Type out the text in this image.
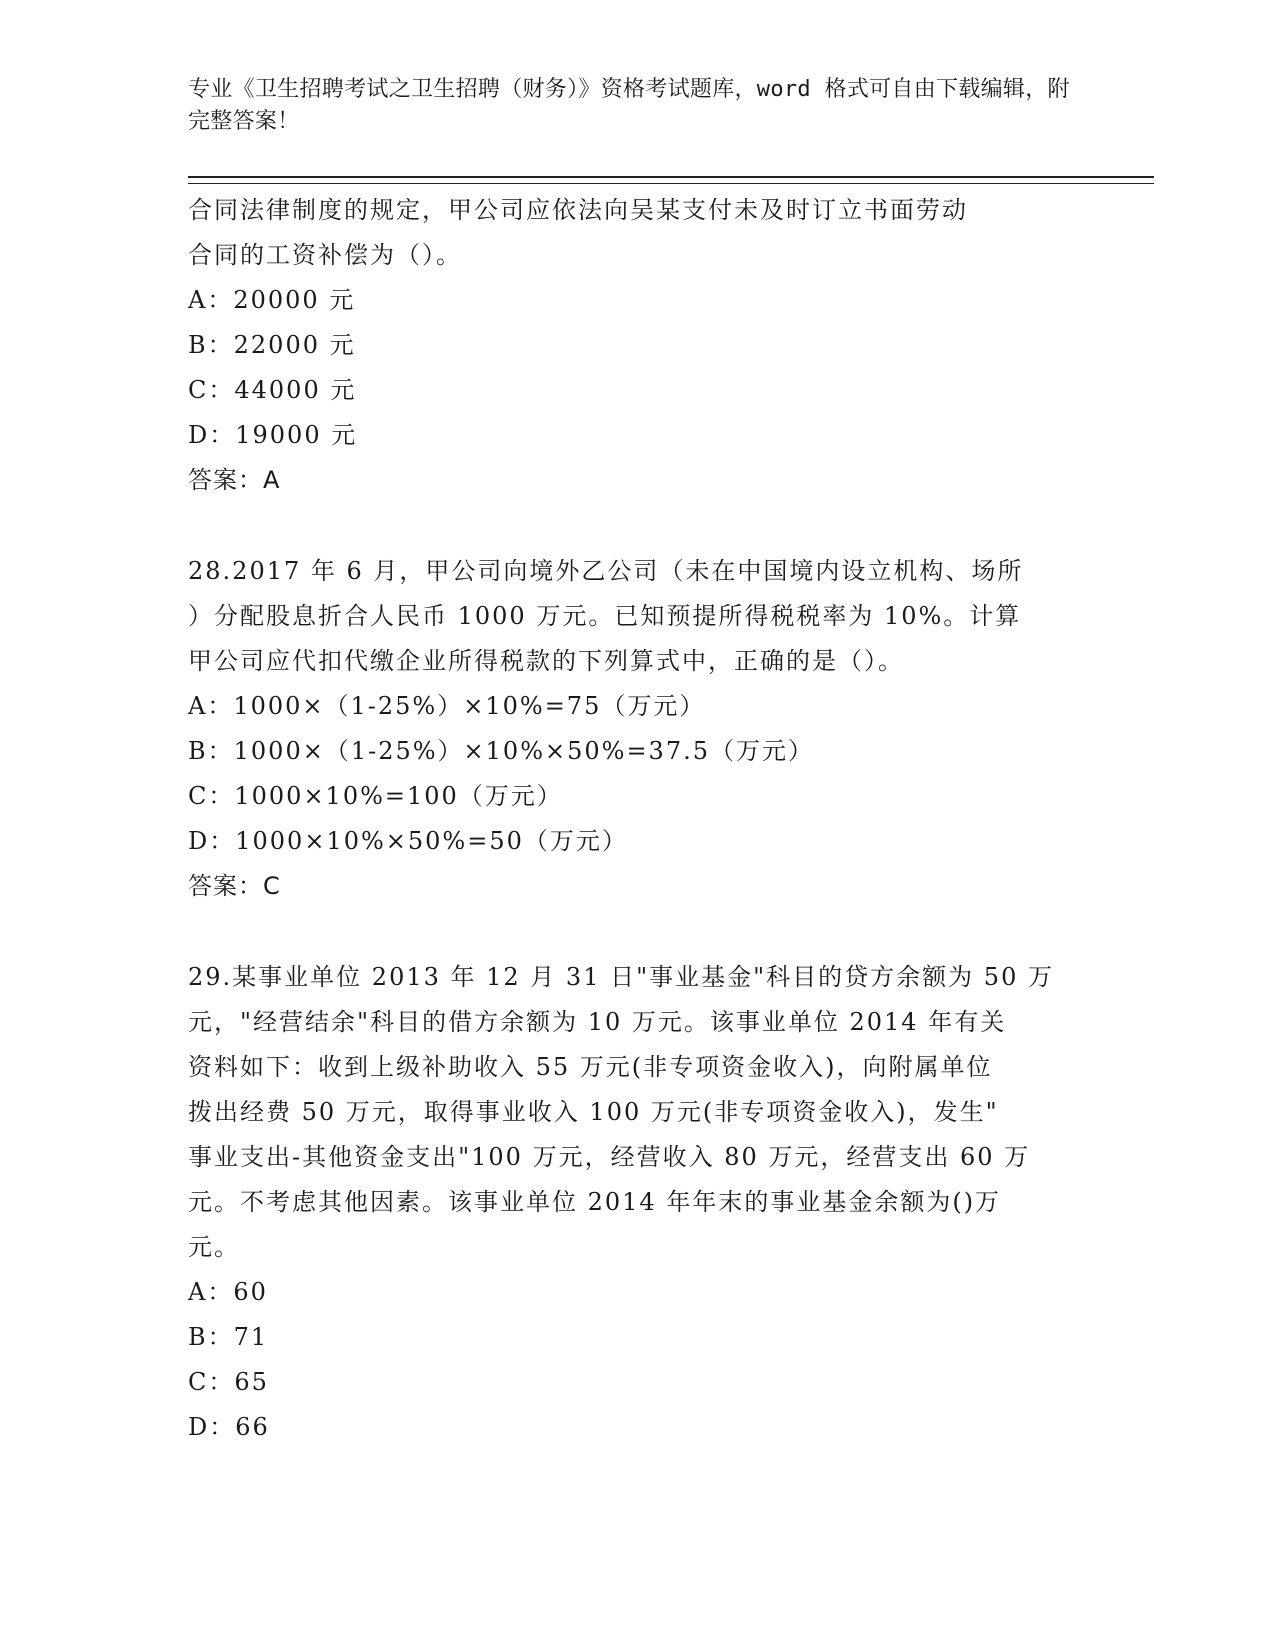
专业《卫生招聘考试之卫生招聘（财务）》资格考试题库，word 格式可自由下载编辑，附完整答案！

合同法律制度的规定，甲公司应依法向吴某支付未及时订立书面劳动

合同的工资补偿为（）。

A：20000 元

B：22000 元

C：44000 元

D：19000 元

答案：A

28.2017 年 6 月，甲公司向境外乙公司（未在中国境内设立机构、场所

）分配股息折合人民币 1000 万元。已知预提所得税税率为 10%。计算

甲公司应代扣代缴企业所得税款的下列算式中，正确的是（）。

A：1000×（1-25%）×10%=75（万元）

B：1000×（1-25%）×10%×50%=37.5（万元）

C：1000×10%=100（万元）

D：1000×10%×50%=50（万元）

答案：C

29.某事业单位 2013 年 12 月 31 日"事业基金"科目的贷方余额为 50 万

元，"经营结余"科目的借方余额为 10 万元。该事业单位 2014 年有关

资料如下：收到上级补助收入 55 万元(非专项资金收入)，向附属单位

拨出经费 50 万元，取得事业收入 100 万元(非专项资金收入)，发生"

事业支出-其他资金支出"100 万元，经营收入 80 万元，经营支出 60 万

元。不考虑其他因素。该事业单位 2014 年年末的事业基金余额为()万

元。

A：60

B：71

C：65

D：66
